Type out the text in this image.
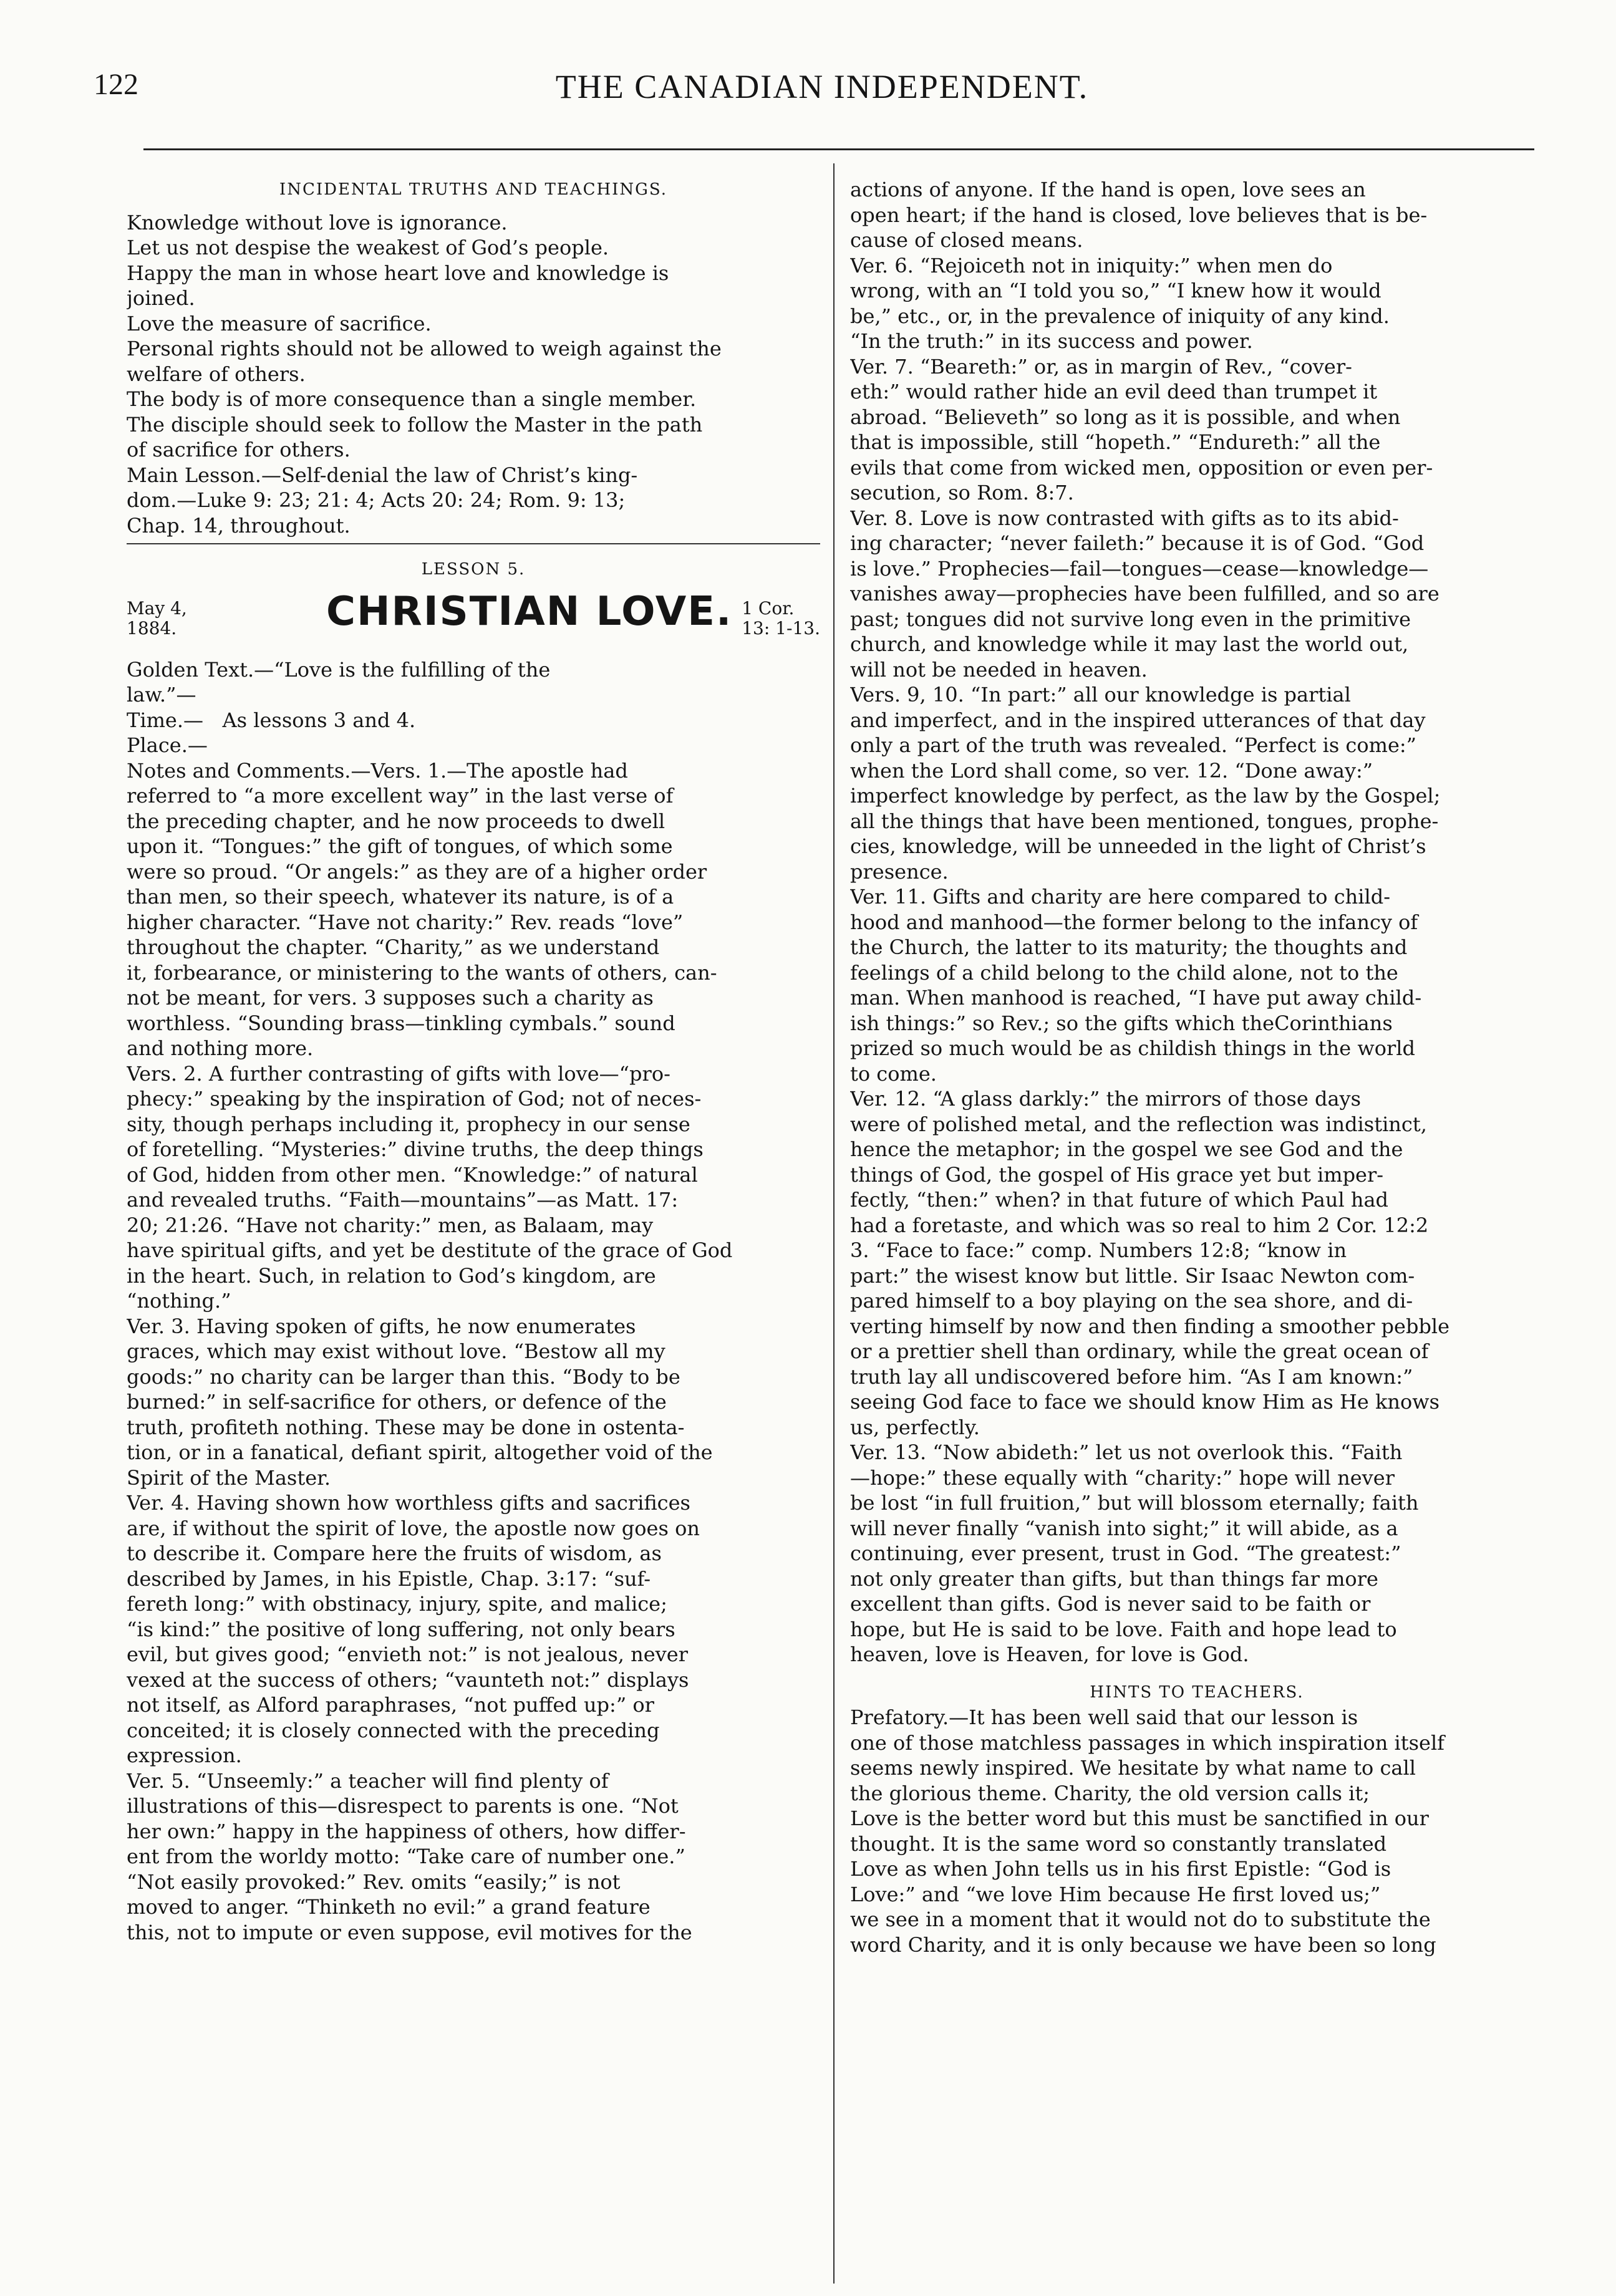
122	THE CANADIAN INDEPENDENT.
INCIDENTAL TRUTHS AND TEACHINGS.
Knowledge without love is ignorance.
Let us not despise the weakest of God’s people.
Happy the man in whose heart love and knowledge is
joined.
Love the measure of sacrifice.
Personal rights should not be allowed to weigh against the
welfare of others.
The body is of more consequence than a single member.
The disciple should seek to follow the Master in the path
of sacrifice for others.
Main Lesson.—Self-denial the law of Christ’s king-
dom.—Luke 9: 23; 21: 4; Acts 20: 24; Rom. 9: 13;
Chap. 14, throughout.
LESSON 5.
May 4,
1884.	CHRISTIAN LOVE. 1 Cor.
13: 1-13.
Golden Text.—“Love is the fulfilling of the
law.”—
Time.—   As lessons 3 and 4.
Place.—
Notes and Comments.—Vers. 1.—The apostle had
referred to “a more excellent way” in the last verse of
the preceding chapter, and he now proceeds to dwell
upon it. “Tongues:” the gift of tongues, of which some
were so proud. “Or angels:” as they are of a higher order
than men, so their speech, whatever its nature, is of a
higher character. “Have not charity:” Rev. reads “love”
throughout the chapter. “Charity,” as we understand
it, forbearance, or ministering to the wants of others, can-
not be meant, for vers. 3 supposes such a charity as
worthless. “Sounding brass—tinkling cymbals.” sound
and nothing more.
Vers. 2. A further contrasting of gifts with love—“pro-
phecy:” speaking by the inspiration of God; not of neces-
sity, though perhaps including it, prophecy in our sense
of foretelling. “Mysteries:” divine truths, the deep things
of God, hidden from other men. “Knowledge:” of natural
and revealed truths. “Faith—mountains”—as Matt. 17:
20; 21:26. “Have not charity:” men, as Balaam, may
have spiritual gifts, and yet be destitute of the grace of God
in the heart. Such, in relation to God’s kingdom, are
“nothing.”
Ver. 3. Having spoken of gifts, he now enumerates
graces, which may exist without love. “Bestow all my
goods:” no charity can be larger than this. “Body to be
burned:” in self-sacrifice for others, or defence of the
truth, profiteth nothing. These may be done in ostenta-
tion, or in a fanatical, defiant spirit, altogether void of the
Spirit of the Master.
Ver. 4. Having shown how worthless gifts and sacrifices
are, if without the spirit of love, the apostle now goes on
to describe it. Compare here the fruits of wisdom, as
described by James, in his Epistle, Chap. 3:17: “suf-
fereth long:” with obstinacy, injury, spite, and malice;
“is kind:” the positive of long suffering, not only bears
evil, but gives good; “envieth not:” is not jealous, never
vexed at the success of others; “vaunteth not:” displays
not itself, as Alford paraphrases, “not puffed up:” or
conceited; it is closely connected with the preceding
expression.
Ver. 5. “Unseemly:” a teacher will find plenty of
illustrations of this—disrespect to parents is one. “Not
her own:” happy in the happiness of others, how differ-
ent from the worldy motto: “Take care of number one.”
“Not easily provoked:” Rev. omits “easily;” is not
moved to anger. “Thinketh no evil:” a grand feature
this, not to impute or even suppose, evil motives for the
actions of anyone. If the hand is open, love sees an
open heart; if the hand is closed, love believes that is be-
cause of closed means.
Ver. 6. “Rejoiceth not in iniquity:” when men do
wrong, with an “I told you so,” “I knew how it would
be,” etc., or, in the prevalence of iniquity of any kind.
“In the truth:” in its success and power.
Ver. 7. “Beareth:” or, as in margin of Rev., “cover-
eth:” would rather hide an evil deed than trumpet it
abroad. “Believeth” so long as it is possible, and when
that is impossible, still “hopeth.” “Endureth:” all the
evils that come from wicked men, opposition or even per-
secution, so Rom. 8:7.
Ver. 8. Love is now contrasted with gifts as to its abid-
ing character; “never faileth:” because it is of God. “God
is love.” Prophecies—fail—tongues—cease—knowledge—
vanishes away—prophecies have been fulfilled, and so are
past; tongues did not survive long even in the primitive
church, and knowledge while it may last the world out,
will not be needed in heaven.
Vers. 9, 10. “In part:” all our knowledge is partial
and imperfect, and in the inspired utterances of that day
only a part of the truth was revealed. “Perfect is come:”
when the Lord shall come, so ver. 12. “Done away:”
imperfect knowledge by perfect, as the law by the Gospel;
all the things that have been mentioned, tongues, prophe-
cies, knowledge, will be unneeded in the light of Christ’s
presence.
Ver. 11. Gifts and charity are here compared to child-
hood and manhood—the former belong to the infancy of
the Church, the latter to its maturity; the thoughts and
feelings of a child belong to the child alone, not to the
man. When manhood is reached, “I have put away child-
ish things:” so Rev.; so the gifts which theCorinthians
prized so much would be as childish things in the world
to come.
Ver. 12. “A glass darkly:” the mirrors of those days
were of polished metal, and the reflection was indistinct,
hence the metaphor; in the gospel we see God and the
things of God, the gospel of His grace yet but imper-
fectly, “then:” when? in that future of which Paul had
had a foretaste, and which was so real to him 2 Cor. 12:2
3. “Face to face:” comp. Numbers 12:8; “know in
part:” the wisest know but little. Sir Isaac Newton com-
pared himself to a boy playing on the sea shore, and di-
verting himself by now and then finding a smoother pebble
or a prettier shell than ordinary, while the great ocean of
truth lay all undiscovered before him. “As I am known:”
seeing God face to face we should know Him as He knows
us, perfectly.
Ver. 13. “Now abideth:” let us not overlook this. “Faith
—hope:” these equally with “charity:” hope will never
be lost “in full fruition,” but will blossom eternally; faith
will never finally “vanish into sight;” it will abide, as a
continuing, ever present, trust in God. “The greatest:”
not only greater than gifts, but than things far more
excellent than gifts. God is never said to be faith or
hope, but He is said to be love. Faith and hope lead to
heaven, love is Heaven, for love is God.
HINTS TO TEACHERS.
Prefatory.—It has been well said that our lesson is
one of those matchless passages in which inspiration itself
seems newly inspired. We hesitate by what name to call
the glorious theme. Charity, the old version calls it;
Love is the better word but this must be sanctified in our
thought. It is the same word so constantly translated
Love as when John tells us in his first Epistle: “God is
Love:” and “we love Him because He first loved us;”
we see in a moment that it would not do to substitute the
word Charity, and it is only because we have been so long
